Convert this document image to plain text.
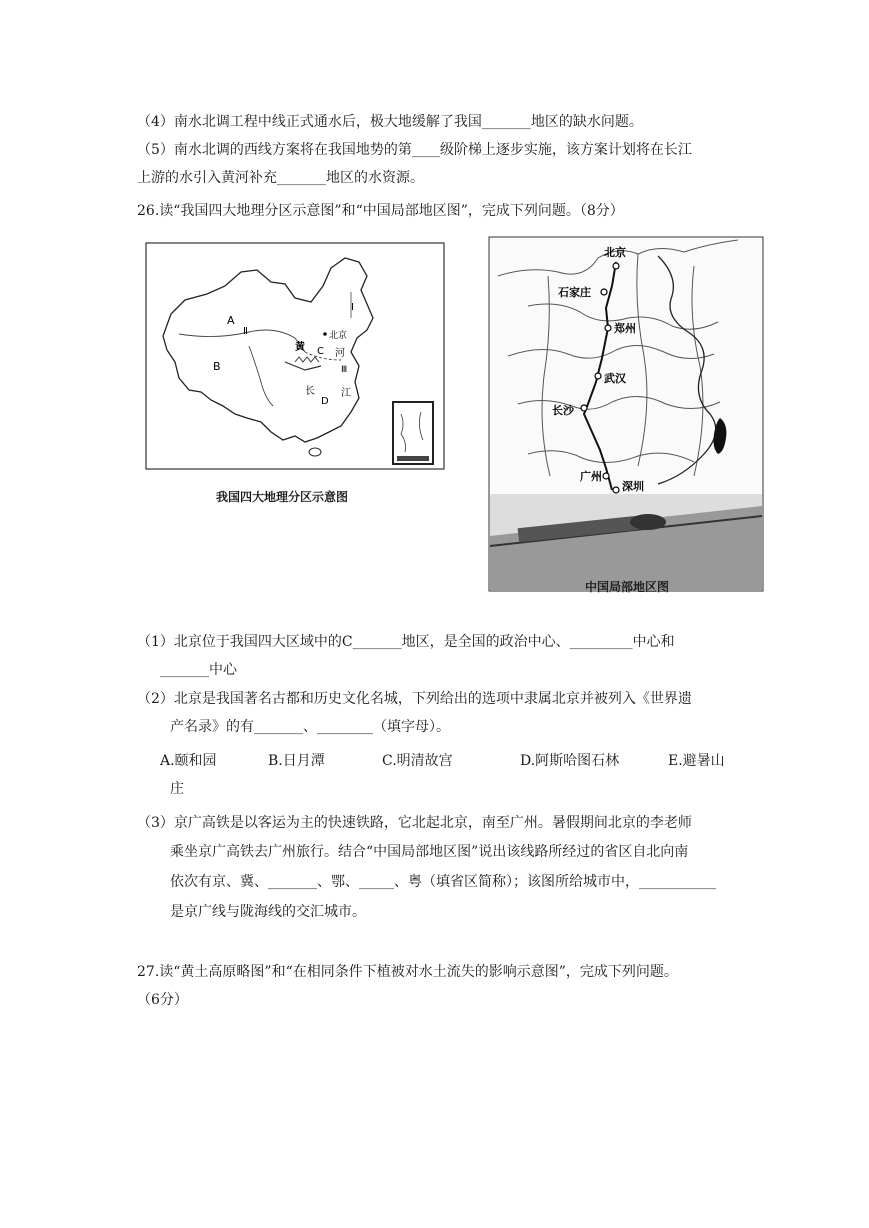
（4）南水北调工程中线正式通水后，极大地缓解了我国_______地区的缺水问题。
（5）南水北调的西线方案将在我国地势的第____级阶梯上逐步实施，该方案计划将在长江
上游的水引入黄河补充_______地区的水资源。
26.读“我国四大地理分区示意图”和“中国局部地区图”，完成下列问题。（8分）
A
Ⅱ
B
Ⅰ
北京
C
黄
河
Ⅲ
长
D
江
我国四大地理分区示意图
北京
石家庄
郑州
武汉
长沙
广州
深圳
中国局部地区图
（1）北京位于我国四大区域中的C_______地区，是全国的政治中心、_________中心和
_______中心
（2）北京是我国著名古都和历史文化名城，下列给出的选项中隶属北京并被列入《世界遗
产名录》的有_______、________（填字母）。
A.颐和园	B.日月潭	C.明清故宫	D.阿斯哈图石林	E.避暑山
庄
（3）京广高铁是以客运为主的快速铁路，它北起北京，南至广州。暑假期间北京的李老师
乘坐京广高铁去广州旅行。结合“中国局部地区图”说出该线路所经过的省区自北向南
依次有京、冀、_______、鄂、_____、粤（填省区简称）；该图所给城市中，___________
是京广线与陇海线的交汇城市。
27.读“黄土高原略图”和“在相同条件下植被对水土流失的影响示意图”，完成下列问题。
（6分）
